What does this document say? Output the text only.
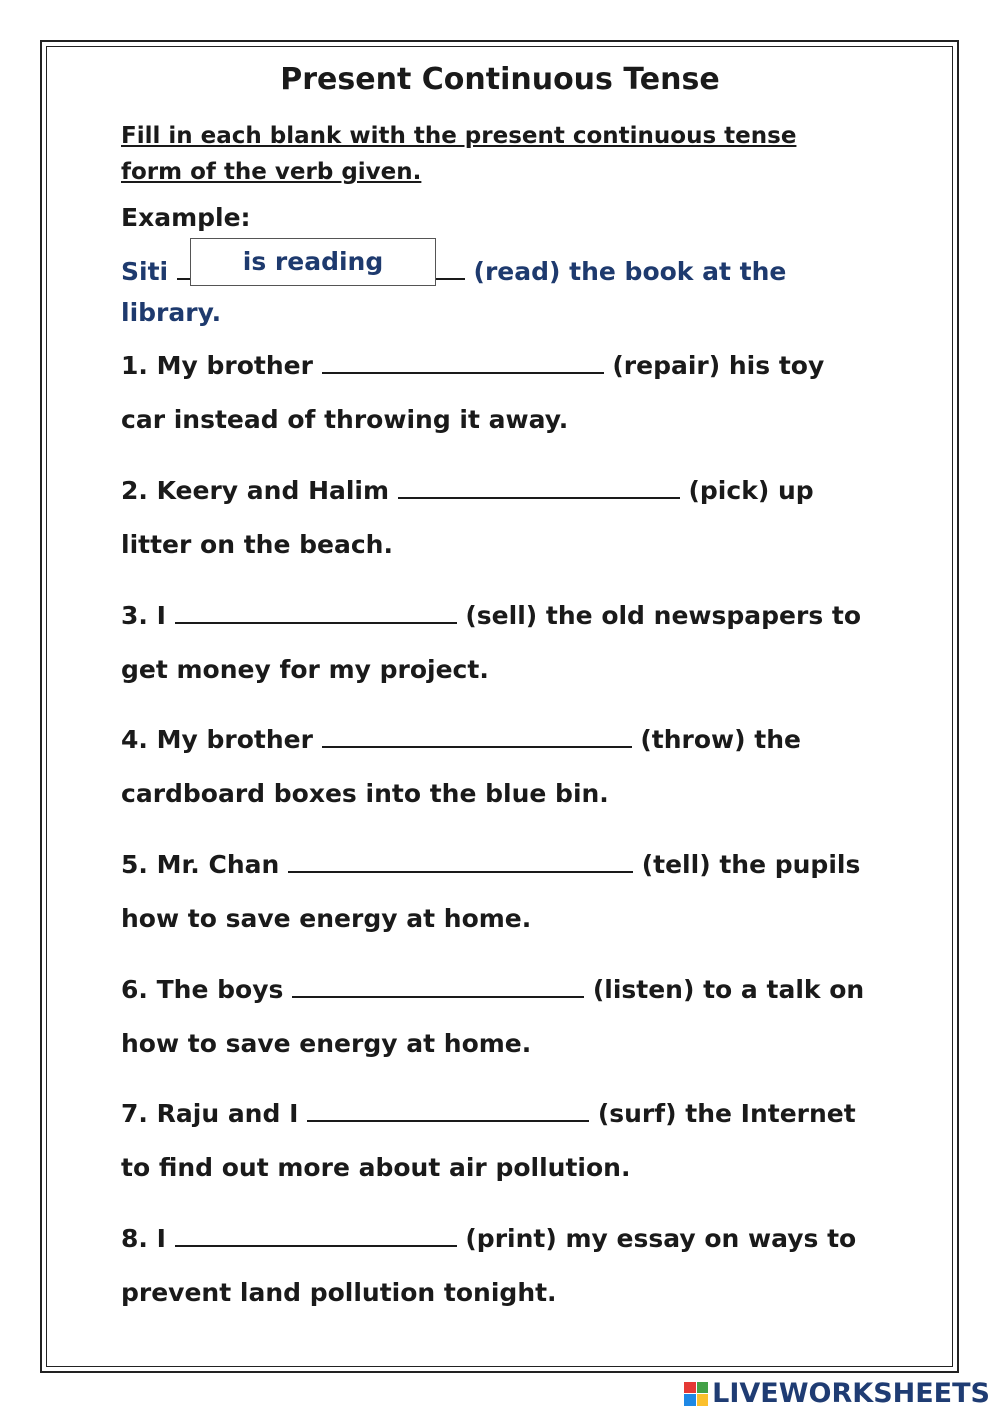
Present Continuous Tense
Fill in each blank with the present continuous tense form of the verb given.
Example:
Siti	(read) the book at the
library.
is reading
1. My brother	(repair) his toy
car instead of throwing it away.
2. Keery and Halim	(pick) up
litter on the beach.
3. I	(sell) the old newspapers to
get money for my project.
4. My brother	(throw) the
cardboard boxes into the blue bin.
5. Mr. Chan	(tell) the pupils
how to save energy at home.
6. The boys	(listen) to a talk on
how to save energy at home.
7. Raju and I	(surf) the Internet
to find out more about air pollution.
8. I	(print) my essay on ways to
prevent land pollution tonight.
LIVEWORKSHEETS
